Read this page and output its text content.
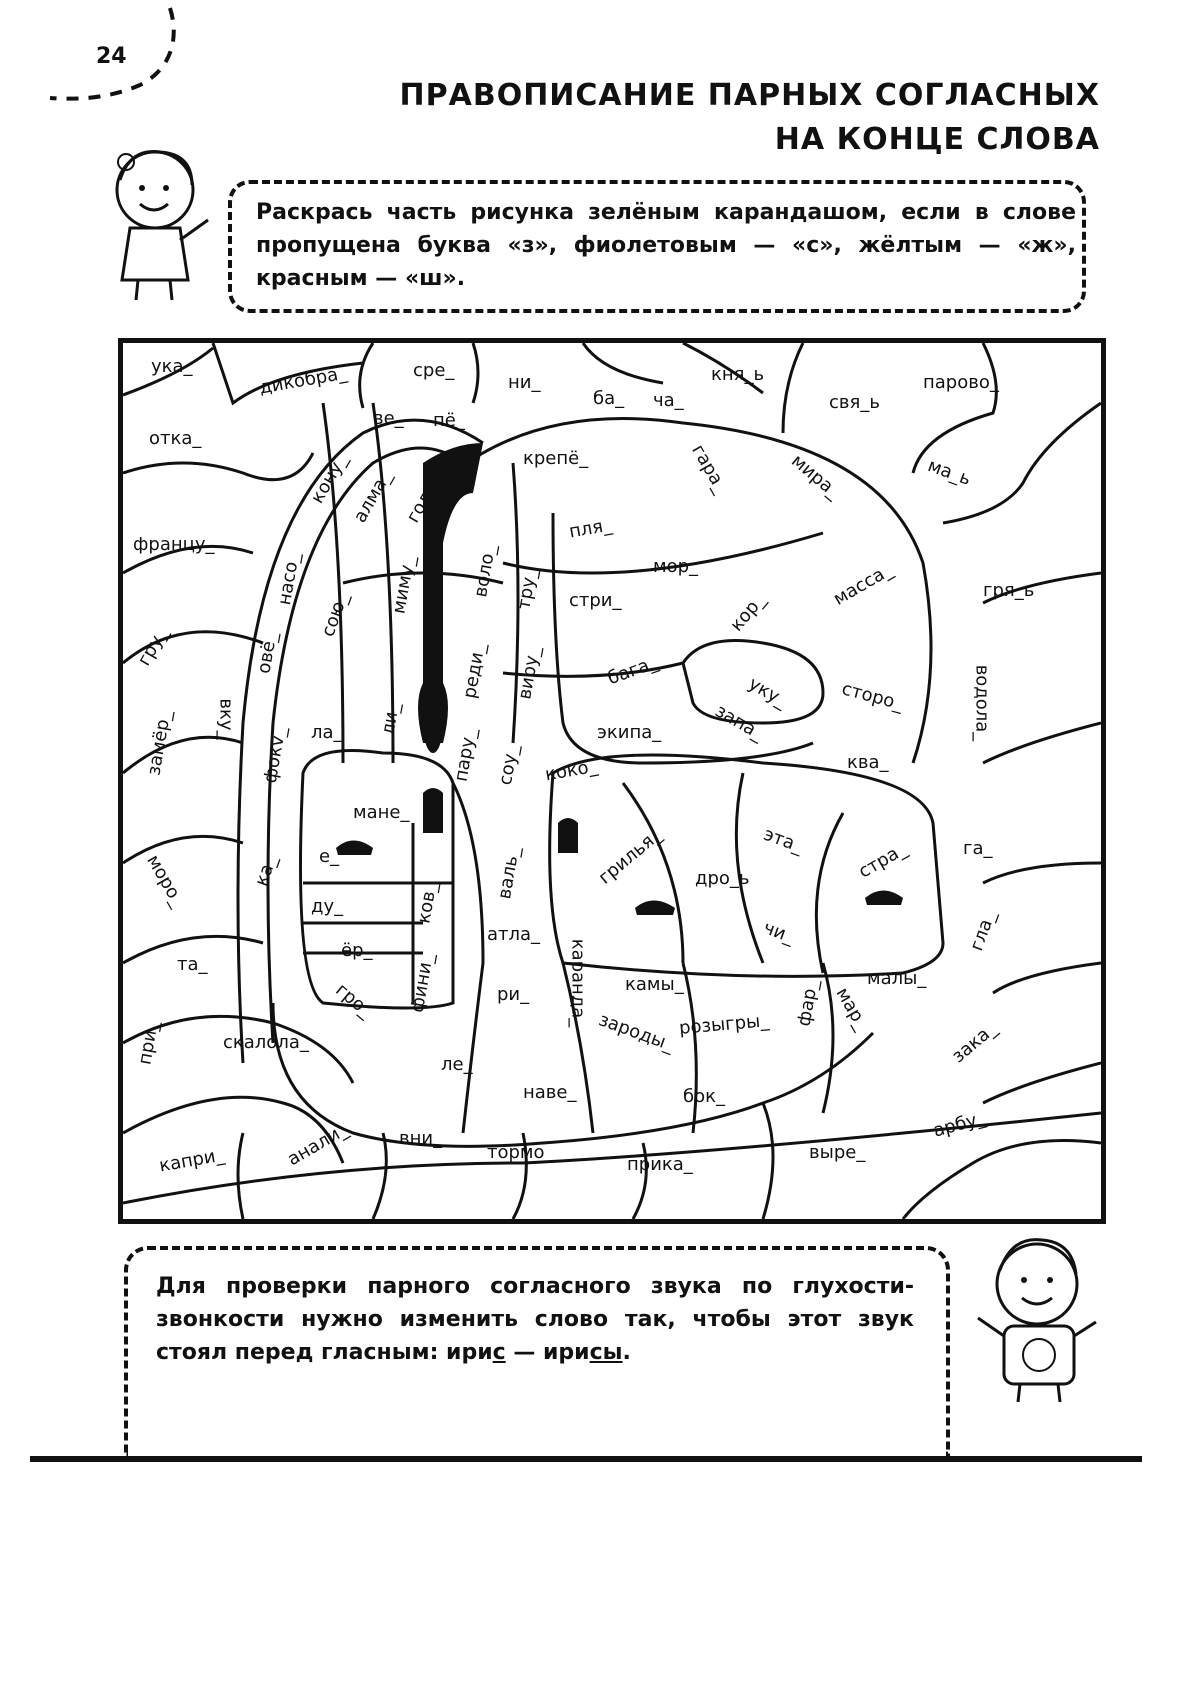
24
ПРАВОПИСАНИЕ ПАРНЫХ СОГЛАСНЫХ
НА КОНЦЕ СЛОВА
Раскрась часть рисунка зелёным карандашом, если в слове пропущена буква «з», фиолетовым — «с», жёлтым — «ж», красным — «ш».
ука_	дикобра_	сре_
ни_	кня_ь	паровo_
свя_ь
отка_
ве_ пё_
ба_ ча_
крепё_	гара_	мира_	ма_ь
кону_
алма_ голо_
францу_
пля_
мор_
насо_	миму_	воло_ тру_ стри_
сою_
масса_	гря_ь
гру_	овё_	реди_ виру_	бага_
кор_
уку_	сторо_	водола_
замёр_ вку_	ла_ ли_	запа_
экипа_
фокv_	пару_ соу_ коко_	ква_
мане_
е_	эта_
моро_	ка_	валь_	грилья_ дро_ь	стра_	га_
ду_	ков_
атла_	чи_	гла_
та_
ёр_
фини_	каранда_
ри_	камы_	малы_
гро_	фар_ мар_
скалола_
при_	ле_
зароды_ розыгры_	зака_
наве_	бок_
капри_	анали_	вни_
тормо_
прика_
выре_
арбу_
Для проверки парного согласного звука по глухости-звонкости нужно изменить слово так, чтобы этот звук стоял перед гласным: ирис — ирисы.
